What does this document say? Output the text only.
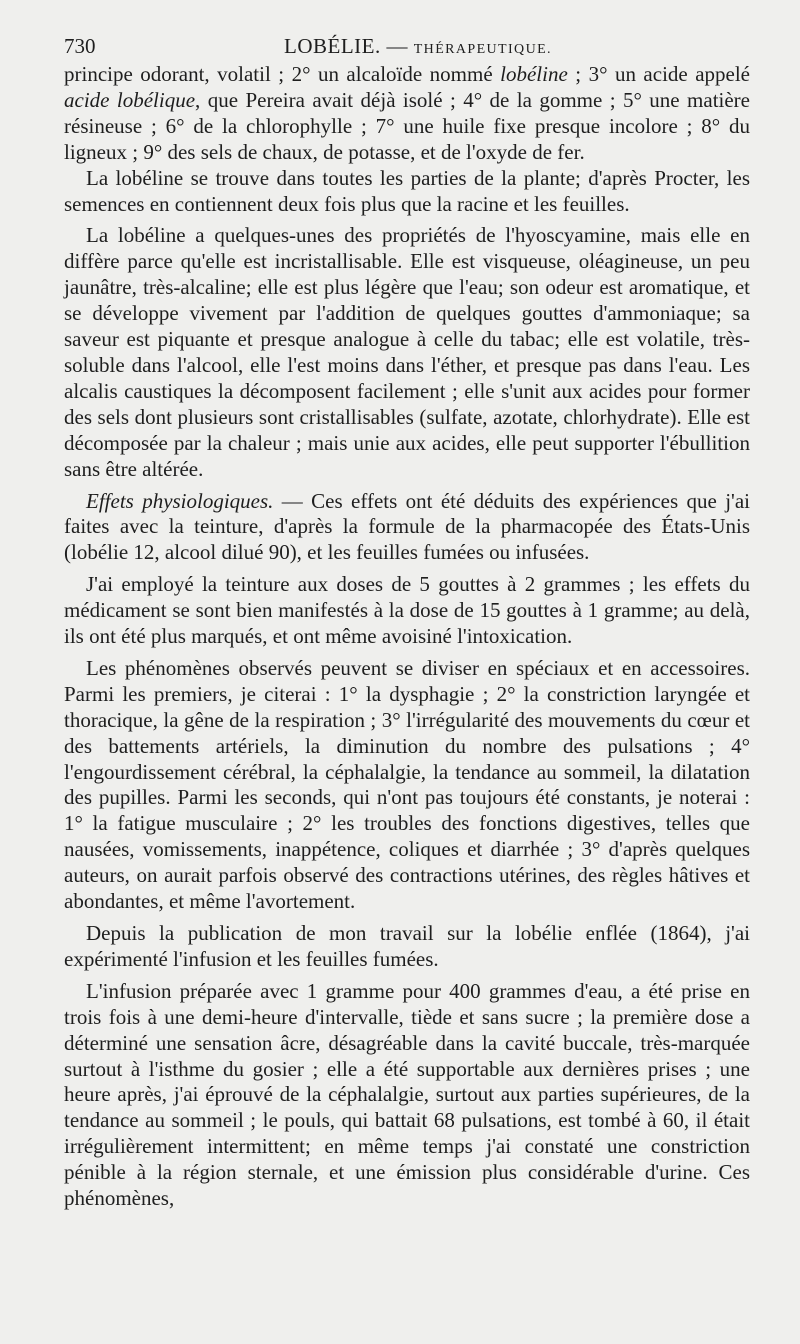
730	LOBÉLIE. — THÉRAPEUTIQUE.

principe odorant, volatil ; 2° un alcaloïde nommé lobéline ; 3° un acide appelé acide lobélique, que Pereira avait déjà isolé ; 4° de la gomme ; 5° une matière résineuse ; 6° de la chlorophylle ; 7° une huile fixe presque incolore ; 8° du ligneux ; 9° des sels de chaux, de potasse, et de l'oxyde de fer.

La lobéline se trouve dans toutes les parties de la plante; d'après Procter, les semences en contiennent deux fois plus que la racine et les feuilles.

La lobéline a quelques-unes des propriétés de l'hyoscyamine, mais elle en diffère parce qu'elle est incristallisable. Elle est visqueuse, oléagineuse, un peu jaunâtre, très-alcaline; elle est plus légère que l'eau; son odeur est aromatique, et se développe vivement par l'addition de quelques gouttes d'ammoniaque; sa saveur est piquante et presque analogue à celle du tabac; elle est volatile, très-soluble dans l'alcool, elle l'est moins dans l'éther, et presque pas dans l'eau. Les alcalis caustiques la décomposent facilement ; elle s'unit aux acides pour former des sels dont plusieurs sont cristallisables (sulfate, azotate, chlorhydrate). Elle est décomposée par la chaleur ; mais unie aux acides, elle peut supporter l'ébullition sans être altérée.

Effets physiologiques. — Ces effets ont été déduits des expériences que j'ai faites avec la teinture, d'après la formule de la pharmacopée des États-Unis (lobélie 12, alcool dilué 90), et les feuilles fumées ou infusées.

J'ai employé la teinture aux doses de 5 gouttes à 2 grammes ; les effets du médicament se sont bien manifestés à la dose de 15 gouttes à 1 gramme; au delà, ils ont été plus marqués, et ont même avoisiné l'intoxication.

Les phénomènes observés peuvent se diviser en spéciaux et en accessoires. Parmi les premiers, je citerai : 1° la dysphagie ; 2° la constriction laryngée et thoracique, la gêne de la respiration ; 3° l'irrégularité des mouvements du cœur et des battements artériels, la diminution du nombre des pulsations ; 4° l'engourdissement cérébral, la céphalalgie, la tendance au sommeil, la dilatation des pupilles. Parmi les seconds, qui n'ont pas toujours été constants, je noterai : 1° la fatigue musculaire ; 2° les troubles des fonctions digestives, telles que nausées, vomissements, inappétence, coliques et diarrhée ; 3° d'après quelques auteurs, on aurait parfois observé des contractions utérines, des règles hâtives et abondantes, et même l'avortement.

Depuis la publication de mon travail sur la lobélie enflée (1864), j'ai expérimenté l'infusion et les feuilles fumées.

L'infusion préparée avec 1 gramme pour 400 grammes d'eau, a été prise en trois fois à une demi-heure d'intervalle, tiède et sans sucre ; la première dose a déterminé une sensation âcre, désagréable dans la cavité buccale, très-marquée surtout à l'isthme du gosier ; elle a été supportable aux dernières prises ; une heure après, j'ai éprouvé de la céphalalgie, surtout aux parties supérieures, de la tendance au sommeil ; le pouls, qui battait 68 pulsations, est tombé à 60, il était irrégulièrement intermittent; en même temps j'ai constaté une constriction pénible à la région sternale, et une émission plus considérable d'urine. Ces phénomènes,
